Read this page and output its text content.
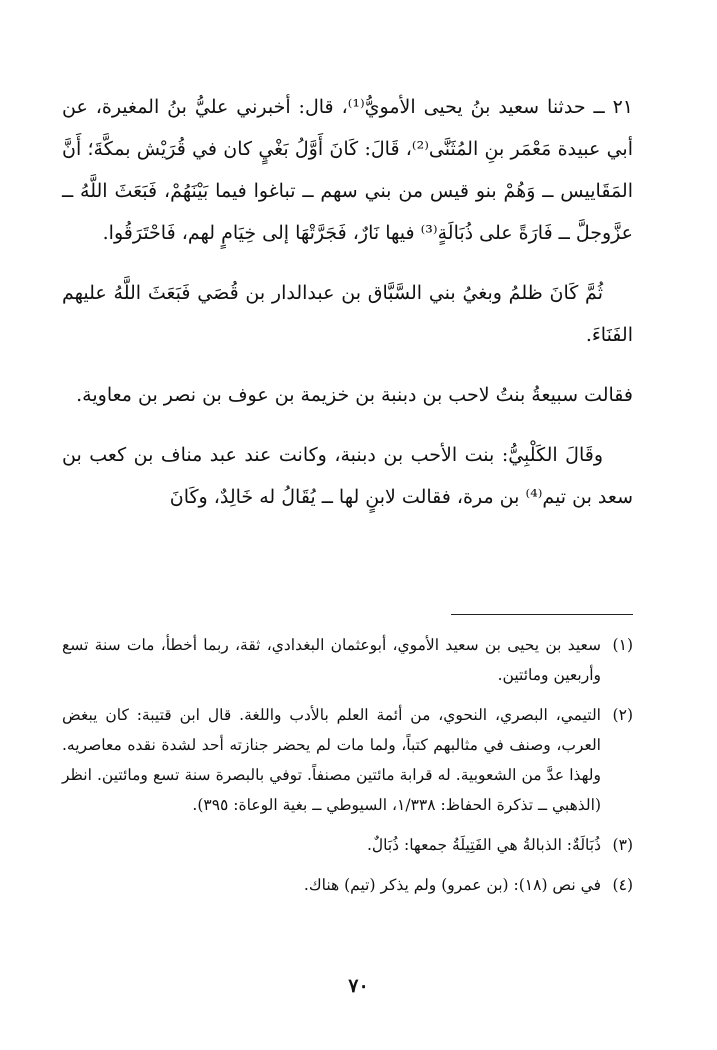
٢١ ــ حدثنا سعيد بنُ يحيى الأمويُّ⁽¹⁾، قال: أخبرني عليُّ بنُ المغيرة، عن أبي عبيدة مَعْمَر بنِ المُثَنَّى⁽²⁾، قَالَ: كَانَ أَوَّلُ بَغْيٍ كان في قُرَيْش بمكَّةَ؛ أَنَّ المَقَاييس ــ وَهُمْ بنو قيس من بني سهم ــ تباغوا فيما بَيْنَهُمْ، فَبَعَثَ اللَّهُ ــ عزَّوجلَّ ــ فَارَةً على ذُبَالَةٍ⁽³⁾ فيها نَارٌ، فَجَرَّتْهَا إلى خِيَامٍ لهم، فَاحْتَرَقُوا.

ثُمَّ كَانَ ظلمُ وبغيُ بني السَّبَّاق بن عبدالدار بن قُصَي فَبَعَثَ اللَّهُ عليهم الفَنَاءَ.

فقالت سبيعةُ بنتُ لاحب بن دبنبة بن خزيمة بن عوف بن نصر بن معاوية.

وقَالَ الكَلْبِيُّ: بنت الأحب بن دبنبة، وكانت عند عبد مناف بن كعب بن سعد بن تيم⁽⁴⁾ بن مرة، فقالت لابنٍ لها ــ يُقَالُ له خَالِدٌ، وكَانَ

(١)
سعيد بن يحيى بن سعيد الأموي، أبوعثمان البغدادي، ثقة، ربما أخطأ، مات سنة تسع وأربعين ومائتين.
(٢)
التيمي، البصري، النحوي، من أئمة العلم بالأدب واللغة. قال ابن قتيبة: كان يبغض العرب، وصنف في مثالبهم كتباً، ولما مات لم يحضر جنازته أحد لشدة نقده معاصريه. ولهذا عدَّ من الشعوبية. له قرابة مائتين مصنفاً. توفي بالبصرة سنة تسع ومائتين. انظر (الذهبي ــ تذكرة الحفاظ: ١/٣٣٨، السيوطي ــ بغية الوعاة: ٣٩٥).
(٣)
ذُبَالَةٌ: الذبالةُ هي الفَتِيلَةُ جمعها: ذُبَالٌ.
(٤)
في نص (١٨): (بن عمرو) ولم يذكر (تيم) هناك.
٧٠
